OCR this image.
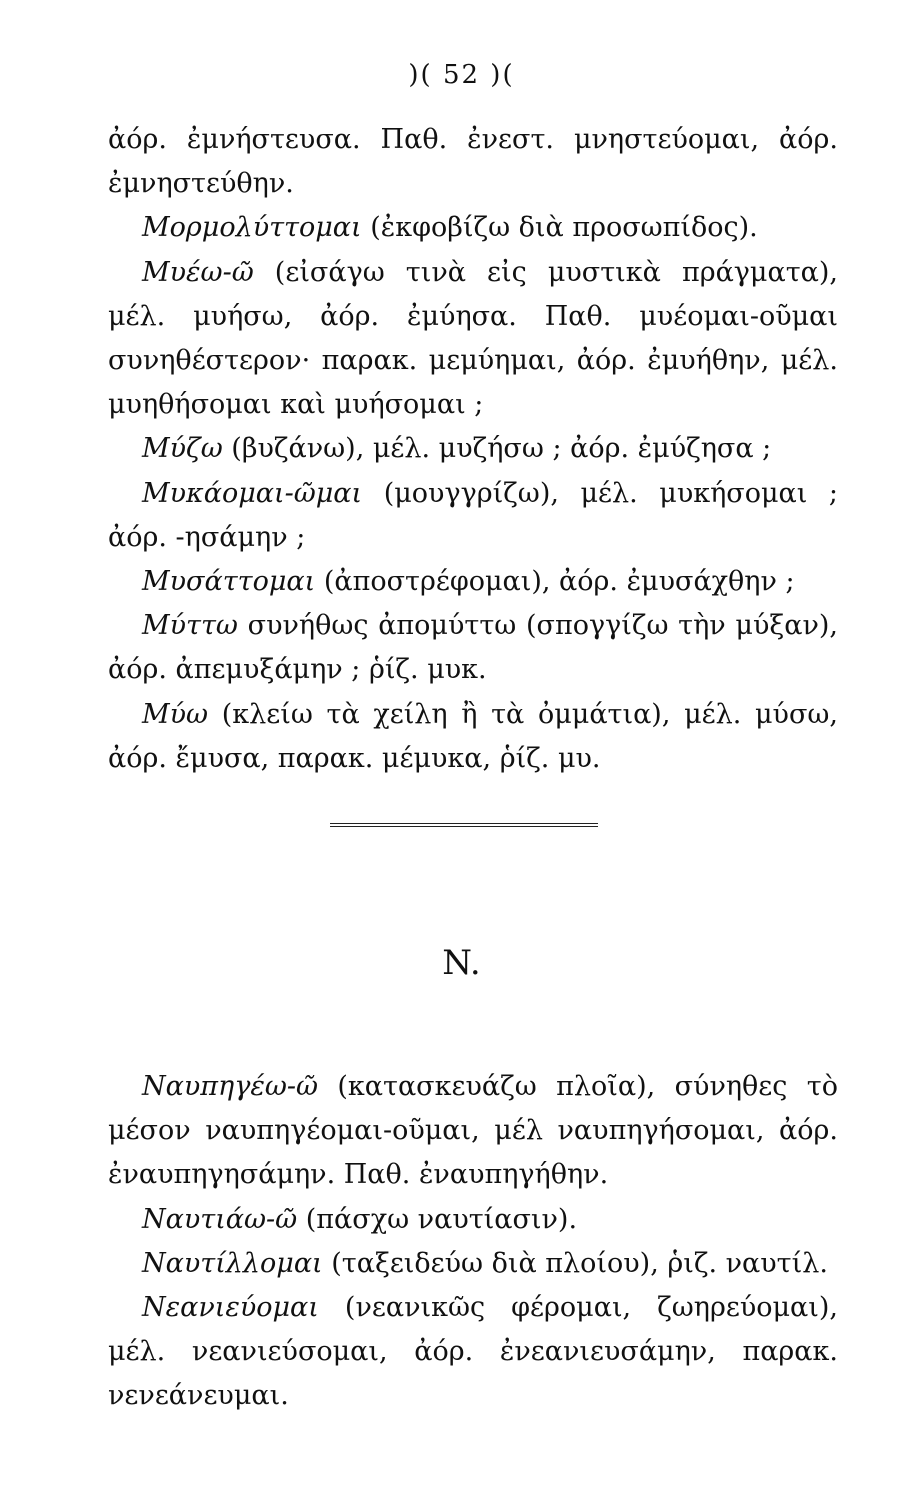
)( 52 )(

ἀόρ. ἐμνήστευσα. Παθ. ἐνεστ. μνηστεύομαι, ἀόρ. ἐμνηστεύθην.

Μορμολύττομαι (ἐκφοβίζω διὰ προσωπίδος).

Μυέω-ῶ (εἰσάγω τινὰ εἰς μυστικὰ πράγματα), μέλ. μυήσω, ἀόρ. ἐμύησα. Παθ. μυέομαι-οῦμαι συνηθέστερον· παρακ. μεμύημαι, ἀόρ. ἐμυήθην, μέλ. μυηθήσομαι καὶ μυήσομαι ;

Μύζω (βυζάνω), μέλ. μυζήσω ; ἀόρ. ἐμύζησα ;

Μυκάομαι-ῶμαι (μουγγρίζω), μέλ. μυκήσομαι ; ἀόρ. -ησάμην ;

Μυσάττομαι (ἀποστρέφομαι), ἀόρ. ἐμυσάχθην ;

Μύττω συνήθως ἀπομύττω (σπογγίζω τὴν μύξαν), ἀόρ. ἀπεμυξάμην ; ῥίζ. μυκ.

Μύω (κλείω τὰ χείλη ἢ τὰ ὀμμάτια), μέλ. μύσω, ἀόρ. ἔμυσα, παρακ. μέμυκα, ῥίζ. μυ.

N.

Ναυπηγέω-ῶ (κατασκευάζω πλοῖα), σύνηθες τὸ μέσον ναυπηγέομαι-οῦμαι, μέλ ναυπηγήσομαι, ἀόρ. ἐναυπηγησάμην. Παθ. ἐναυπηγήθην.

Ναυτιάω-ῶ (πάσχω ναυτίασιν).

Ναυτίλλομαι (ταξειδεύω διὰ πλοίου), ῥιζ. ναυτίλ.

Νεανιεύομαι (νεανικῶς φέρομαι, ζωηρεύομαι), μέλ. νεανιεύσομαι, ἀόρ. ἐνεανιευσάμην, παρακ. νενεάνευμαι.
